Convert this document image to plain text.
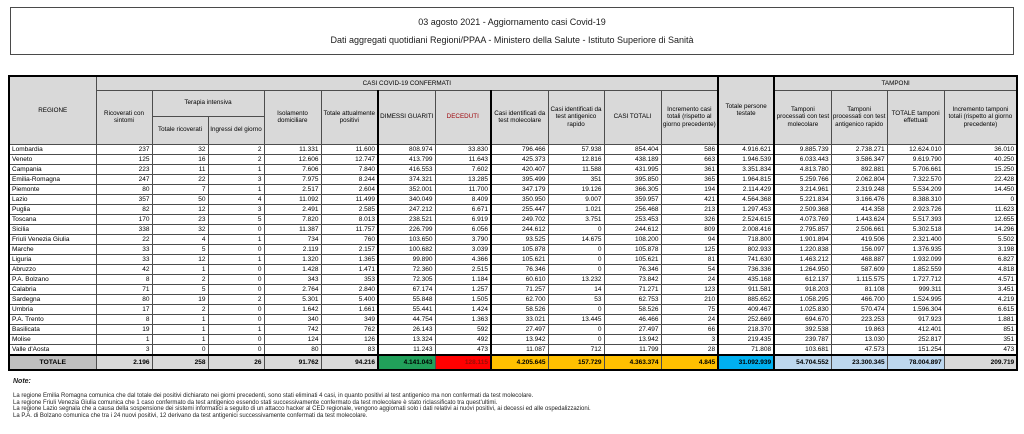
03 agosto 2021 - Aggiornamento casi Covid-19
Dati aggregati quotidiani Regioni/PPAA - Ministero della Salute - Istituto Superiore di Sanità
REGIONE	CASI COVID-19 CONFERMATI											Totale persone testate	TAMPONI			
	Ricoverati con sintomi	Terapia intensiva		Isolamento domiciliare	Totale attualmente positivi	DIMESSI GUARITI	DECEDUTI	Casi identificati da test molecolare	Casi identificati da test antigenico rapido	CASI TOTALI	Incremento casi totali (rispetto al giorno precedente)		Tamponi processati con test molecolare	Tamponi processati con test antigenico rapido	TOTALE tamponi effettuati	Incremento tamponi totali (rispetto al giorno precedente)
		Totale ricoverati	Ingressi del giorno													
Lombardia	237	32	2	11.331	11.600	808.974	33.830	796.466	57.938	854.404	586	4.916.621	9.885.739	2.738.271	12.624.010	36.010
Veneto	125	16	2	12.606	12.747	413.799	11.643	425.373	12.816	438.189	663	1.946.539	6.033.443	3.586.347	9.619.790	40.250
Campania	223	11	1	7.606	7.840	416.553	7.602	420.407	11.588	431.995	361	3.351.834	4.813.780	892.881	5.706.661	15.250
Emilia-Romagna	247	22	3	7.975	8.244	374.321	13.285	395.499	351	395.850	365	1.964.815	5.259.766	2.062.804	7.322.570	22.428
Piemonte	80	7	1	2.517	2.604	352.001	11.700	347.179	19.126	366.305	194	2.114.429	3.214.961	2.319.248	5.534.209	14.450
Lazio	357	50	4	11.092	11.499	340.049	8.409	350.950	9.007	359.957	421	4.564.368	5.221.834	3.166.476	8.388.310	0
Puglia	82	12	3	2.491	2.585	247.212	6.671	255.447	1.021	256.468	213	1.297.453	2.509.368	414.358	2.923.726	11.623
Toscana	170	23	5	7.820	8.013	238.521	6.919	249.702	3.751	253.453	326	2.524.615	4.073.769	1.443.624	5.517.393	12.655
Sicilia	338	32	0	11.387	11.757	226.799	6.056	244.612	0	244.612	809	2.008.416	2.795.857	2.506.661	5.302.518	14.296
Friuli Venezia Giulia	22	4	1	734	760	103.650	3.790	93.525	14.675	108.200	94	718.800	1.901.894	419.506	2.321.400	5.502
Marche	33	5	0	2.119	2.157	100.682	3.039	105.878	0	105.878	125	802.933	1.220.838	156.097	1.376.935	3.198
Liguria	33	12	1	1.320	1.365	99.890	4.366	105.621	0	105.621	81	741.630	1.463.212	468.887	1.932.099	6.827
Abruzzo	42	1	0	1.428	1.471	72.360	2.515	76.346	0	76.346	54	736.336	1.264.950	587.609	1.852.559	4.818
P.A. Bolzano	8	2	0	343	353	72.305	1.184	60.610	13.232	73.842	24	435.168	612.137	1.115.575	1.727.712	4.571
Calabria	71	5	0	2.764	2.840	67.174	1.257	71.257	14	71.271	123	911.581	918.203	81.108	999.311	3.451
Sardegna	80	19	2	5.301	5.400	55.848	1.505	62.700	53	62.753	210	885.652	1.058.295	466.700	1.524.995	4.219
Umbria	17	2	0	1.642	1.661	55.441	1.424	58.526	0	58.526	75	409.467	1.025.830	570.474	1.596.304	6.615
P.A. Trento	8	1	0	340	349	44.754	1.363	33.021	13.445	46.466	24	252.669	694.670	223.253	917.923	1.881
Basilicata	19	1	1	742	762	26.143	592	27.497	0	27.497	66	218.370	392.538	19.863	412.401	851
Molise	1	1	0	124	126	13.324	492	13.942	0	13.942	3	219.435	239.787	13.030	252.817	351
Valle d'Aosta	3	0	0	80	83	11.243	473	11.087	712	11.799	28	71.808	103.681	47.573	151.254	473
TOTALE	2.196	258	26	91.762	94.216	4.141.043	128.115	4.205.645	157.729	4.363.374	4.845	31.092.939	54.704.552	23.300.345	78.004.897	209.719
Note:
La regione Emilia Romagna comunica che dal totale dei positivi dichiarato nei giorni precedenti, sono stati eliminati 4 casi, in quanto positivi al test antigenico ma non confermati da test molecolare.
La regione Friuli Venezia Giulia comunica che 1 caso confermato da test antigenico essendo stati successivamente confermato da test molecolare è stato riclassificato tra quest'ultimi.
La regione Lazio segnala che a causa della sospensione dei sistemi informatici a seguito di un attacco hacker al CED regionale, vengono aggiornati solo i dati relativi ai nuovi positivi, ai decessi ed alle ospedalizzazioni.
La P.A. di Bolzano comunica che tra i 24 nuovi positivi, 12 derivano da test antigenici successivamente confermati da test molecolare.
